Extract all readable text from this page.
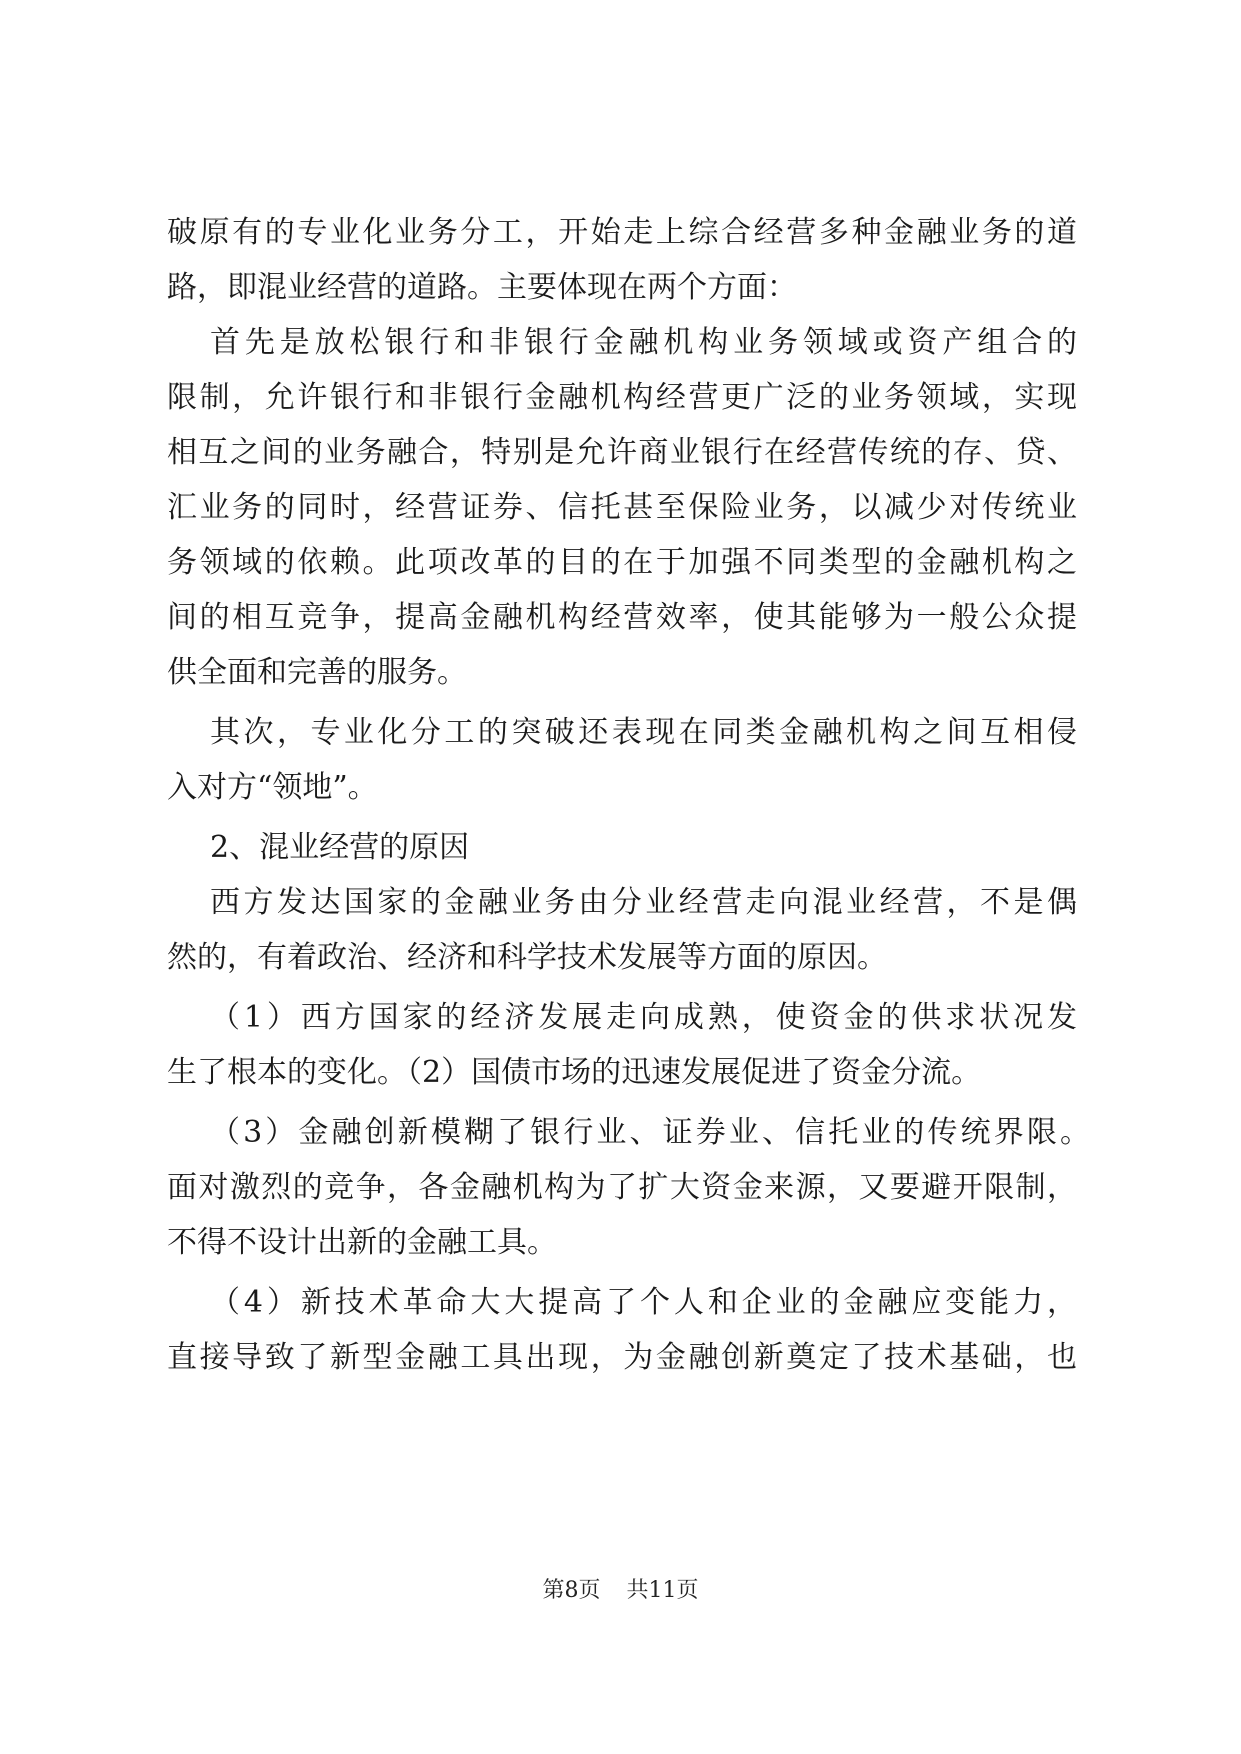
破原有的专业化业务分工，开始走上综合经营多种金融业务的道
路，即混业经营的道路。主要体现在两个方面：
首先是放松银行和非银行金融机构业务领域或资产组合的
限制，允许银行和非银行金融机构经营更广泛的业务领域，实现
相互之间的业务融合，特别是允许商业银行在经营传统的存、贷、
汇业务的同时，经营证券、信托甚至保险业务，以减少对传统业
务领域的依赖。此项改革的目的在于加强不同类型的金融机构之
间的相互竞争，提高金融机构经营效率，使其能够为一般公众提
供全面和完善的服务。
其次，专业化分工的突破还表现在同类金融机构之间互相侵
入对方“领地”。
2、混业经营的原因
西方发达国家的金融业务由分业经营走向混业经营，不是偶
然的，有着政治、经济和科学技术发展等方面的原因。
（1）西方国家的经济发展走向成熟，使资金的供求状况发
生了根本的变化。（2）国债市场的迅速发展促进了资金分流。
（3）金融创新模糊了银行业、证券业、信托业的传统界限。
面对激烈的竞争，各金融机构为了扩大资金来源，又要避开限制，
不得不设计出新的金融工具。
（4）新技术革命大大提高了个人和企业的金融应变能力，
直接导致了新型金融工具出现，为金融创新奠定了技术基础，也
第8页 共11页
